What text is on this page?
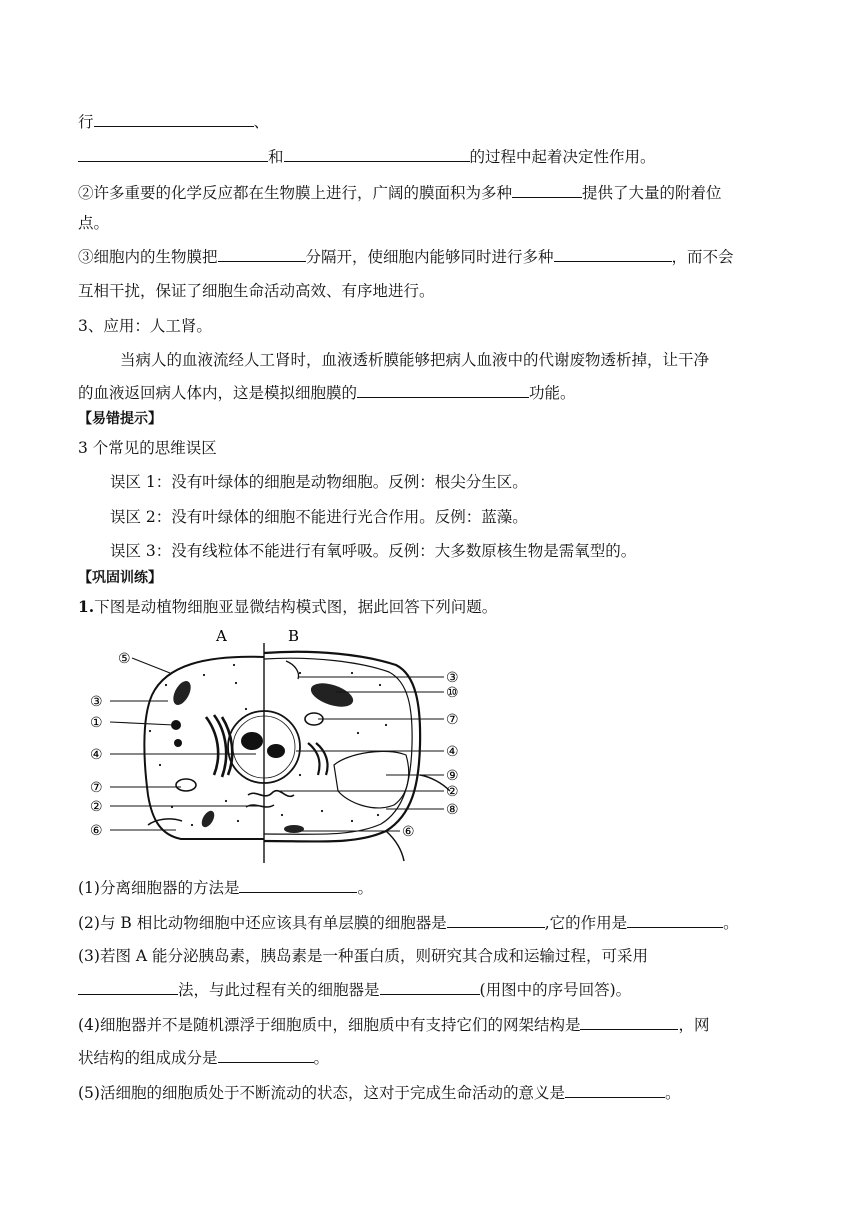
行	、
和	的过程中起着决定性作用。
②许多重要的化学反应都在生物膜上进行，广阔的膜面积为多种	提供了大量的附着位
点。
③细胞内的生物膜把	分隔开，使细胞内能够同时进行多种	，而不会
互相干扰，保证了细胞生命活动高效、有序地进行。
3、应用：人工肾。
当病人的血液流经人工肾时，血液透析膜能够把病人血液中的代谢废物透析掉，让干净
的血液返回病人体内，这是模拟细胞膜的	功能。
【易错提示】
3 个常见的思维误区
误区 1：没有叶绿体的细胞是动物细胞。反例：根尖分生区。
误区 2：没有叶绿体的细胞不能进行光合作用。反例：蓝藻。
误区 3：没有线粒体不能进行有氧呼吸。反例：大多数原核生物是需氧型的。
【巩固训练】
1.下图是动植物细胞亚显微结构模式图，据此回答下列问题。
A	B
⑤
③
①
④
⑦
②
⑥
③
⑩
⑦
④
⑨
②
⑧
⑥
(1)分离细胞器的方法是	。
(2)与 B 相比动物细胞中还应该具有单层膜的细胞器是	,它的作用是	。
(3)若图 A 能分泌胰岛素，胰岛素是一种蛋白质，则研究其合成和运输过程，可采用
法，与此过程有关的细胞器是	(用图中的序号回答)。
(4)细胞器并不是随机漂浮于细胞质中，细胞质中有支持它们的网架结构是	，网
状结构的组成成分是	。
(5)活细胞的细胞质处于不断流动的状态，这对于完成生命活动的意义是	。
